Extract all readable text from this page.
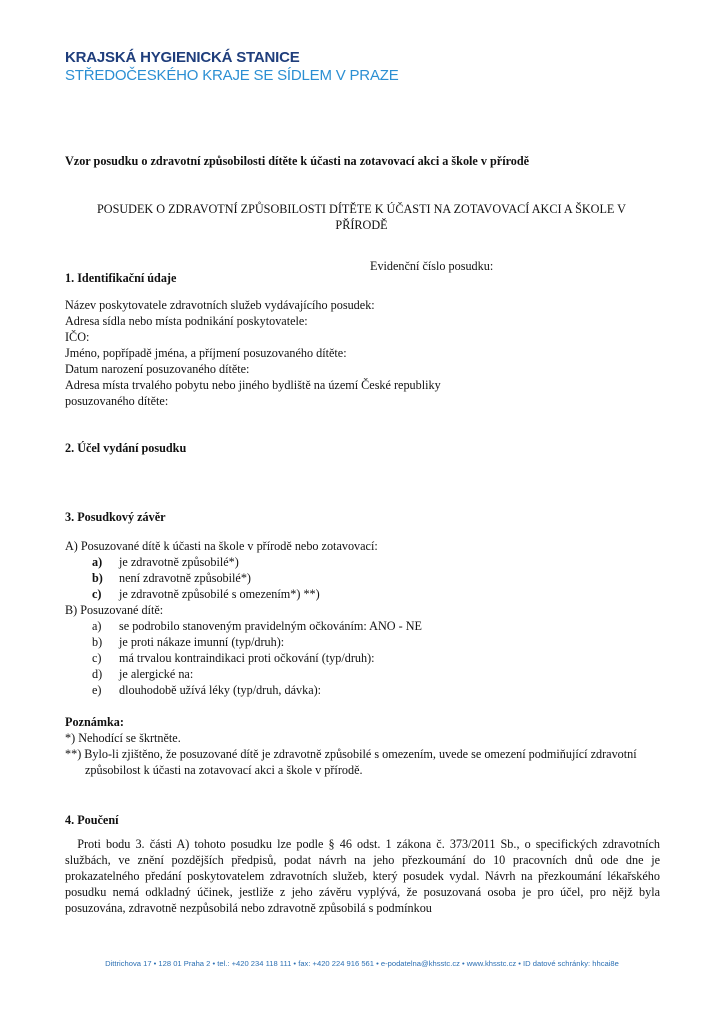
KRAJSKÁ HYGIENICKÁ STANICE
STŘEDOČESKÉHO KRAJE SE SÍDLEM V PRAZE
Vzor posudku o zdravotní způsobilosti dítěte k účasti na zotavovací akci a škole v přírodě
POSUDEK O ZDRAVOTNÍ ZPŮSOBILOSTI DÍTĚTE K ÚČASTI NA ZOTAVOVACÍ AKCI A ŠKOLE V PŘÍRODĚ
Evidenční číslo posudku:
1. Identifikační údaje
Název poskytovatele zdravotních služeb vydávajícího posudek:
Adresa sídla nebo místa podnikání poskytovatele:
IČO:
Jméno, popřípadě jména, a příjmení posuzovaného dítěte:
Datum narození posuzovaného dítěte:
Adresa místa trvalého pobytu nebo jiného bydliště na území České republiky
posuzovaného dítěte:
2. Účel vydání posudku
3. Posudkový závěr
A) Posuzované dítě k účasti na škole v přírodě nebo zotavovací:
a)	je zdravotně způsobilé*)
b)	není zdravotně způsobilé*)
c)	je zdravotně způsobilé s omezením*) **)
B) Posuzované dítě:
a)	se podrobilo stanoveným pravidelným očkováním: ANO - NE
b)	je proti nákaze imunní (typ/druh):
c)	má trvalou kontraindikaci proti očkování (typ/druh):
d)	je alergické na:
e)	dlouhodobě užívá léky (typ/druh, dávka):
Poznámka:
*) Nehodící se škrtněte.
**) Bylo-li zjištěno, že posuzované dítě je zdravotně způsobilé s omezením, uvede se omezení podmiňující zdravotní
způsobilost k účasti na zotavovací akci a škole v přírodě.
4. Poučení
 Proti bodu 3. části A) tohoto posudku lze podle § 46 odst. 1 zákona č. 373/2011 Sb., o specifických zdravotních službách, ve znění pozdějších předpisů, podat návrh na jeho přezkoumání do 10 pracovních dnů ode dne je prokazatelného předání poskytovatelem zdravotních služeb, který posudek vydal. Návrh na přezkoumání lékařského posudku nemá odkladný účinek, jestliže z jeho závěru vyplývá, že posuzovaná osoba je pro účel, pro nějž byla posuzována, zdravotně nezpůsobilá nebo zdravotně způsobilá s podmínkou
Dittrichova 17 • 128 01 Praha 2 • tel.: +420 234 118 111 • fax: +420 224 916 561 • e-podatelna@khsstc.cz • www.khsstc.cz • ID datové schránky: hhcai8e
